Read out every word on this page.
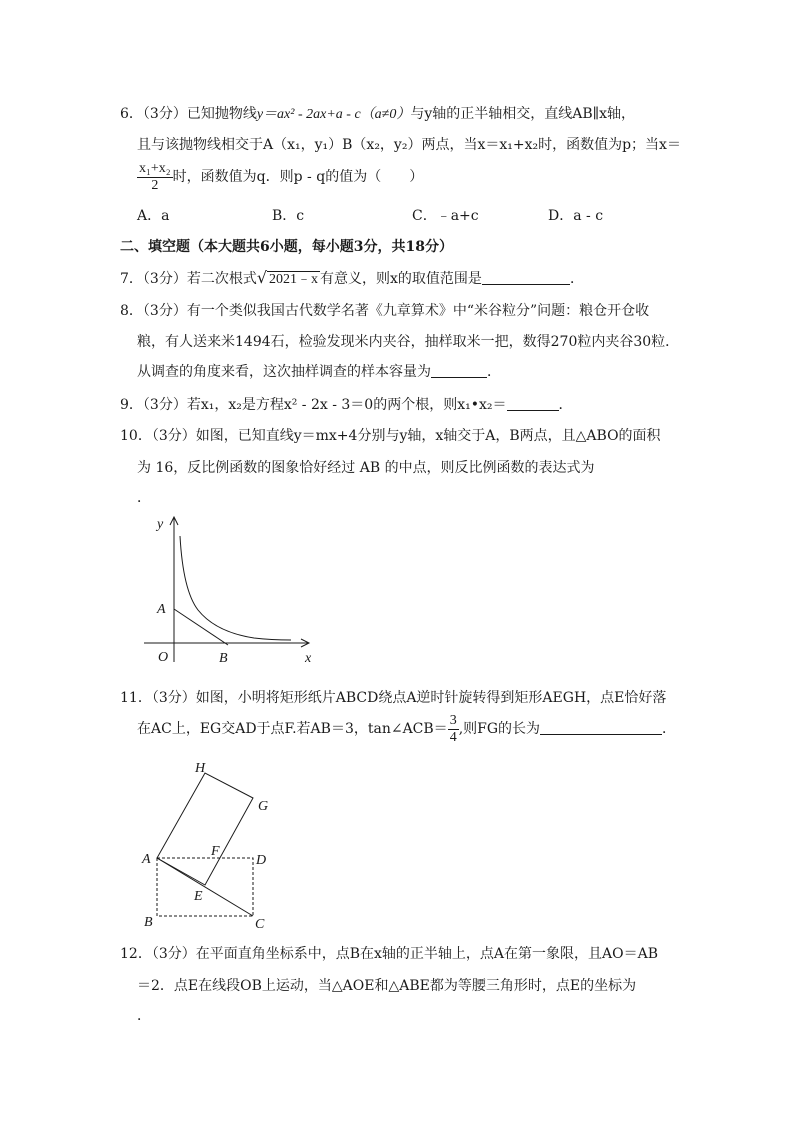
6．（3分）已知抛物线y＝ax² - 2ax+a - c（a≠0）与y轴的正半轴相交，直线AB∥x轴，
且与该抛物线相交于A（x₁，y₁）B（x₂，y₂）两点，当x＝x₁+x₂时，函数值为p；当x＝
$\frac{\text{x₁+x₂}}{2}$ 时，函数值为q．则p - q的值为（　　）
A．a	B．c	C．﹣a+c	D．a - c
二、填空题（本大题共6小题，每小题3分，共18分）
7．（3分）若二次根式√ 2021﹣x 有意义，则x的取值范围是	．
8．（3分）有一个类似我国古代数学名著《九章算术》中“米谷粒分”问题：粮仓开仓收
粮，有人送来米1494石，检验发现米内夹谷，抽样取米一把，数得270粒内夹谷30粒．
从调查的角度来看，这次抽样调查的样本容量为	．
9．（3分）若x₁，x₂是方程x² - 2x - 3＝0的两个根，则x₁•x₂＝	．
10．（3分）如图，已知直线y＝mx+4分别与y轴，x轴交于A，B两点，且△ABO的面积
为 16，反比例函数的图象恰好经过 AB 的中点，则反比例函数的表达式为
．
y
x
A
O	B
11．（3分）如图，小明将矩形纸片ABCD绕点A逆时针旋转得到矩形AEGH，点E恰好落
在AC上，EG交AD于点F.若AB＝3，tan∠ACB＝ $\frac{3}{4}$ ,则FG的长为	．
H
G
A
F
D
E
B	C
12．（3分）在平面直角坐标系中，点B在x轴的正半轴上，点A在第一象限，且AO＝AB
＝2．点E在线段OB上运动，当△AOE和△ABE都为等腰三角形时，点E的坐标为
．
